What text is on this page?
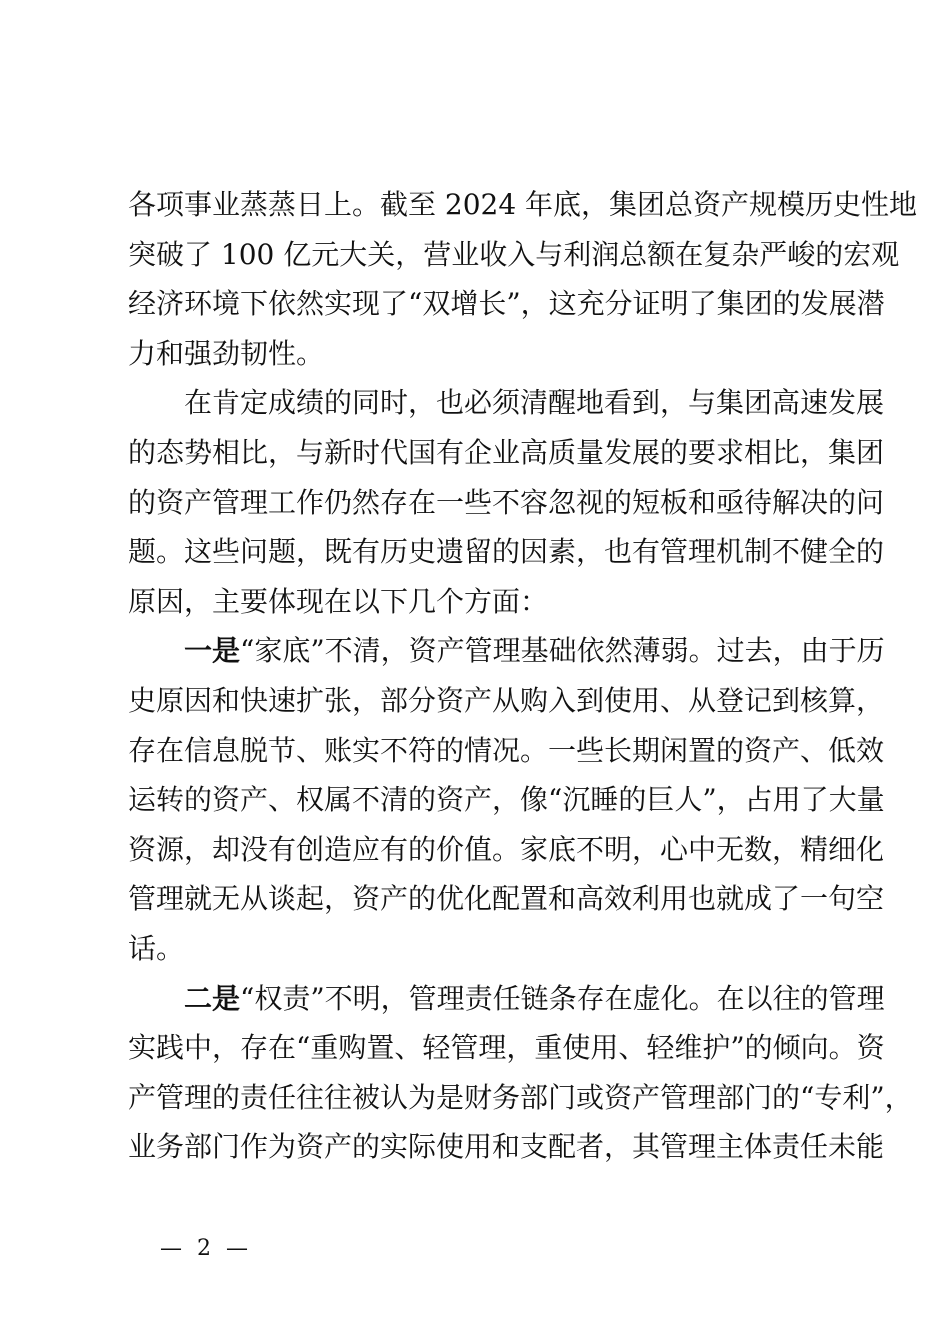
各项事业蒸蒸日上。截至 2024 年底，集团总资产规模历史性地
突破了 100 亿元大关，营业收入与利润总额在复杂严峻的宏观
经济环境下依然实现了“双增长”，这充分证明了集团的发展潜
力和强劲韧性。
在肯定成绩的同时，也必须清醒地看到，与集团高速发展
的态势相比，与新时代国有企业高质量发展的要求相比，集团
的资产管理工作仍然存在一些不容忽视的短板和亟待解决的问
题。这些问题，既有历史遗留的因素，也有管理机制不健全的
原因，主要体现在以下几个方面：
一是“家底”不清，资产管理基础依然薄弱。过去，由于历
史原因和快速扩张，部分资产从购入到使用、从登记到核算，
存在信息脱节、账实不符的情况。一些长期闲置的资产、低效
运转的资产、权属不清的资产，像“沉睡的巨人”，占用了大量
资源，却没有创造应有的价值。家底不明，心中无数，精细化
管理就无从谈起，资产的优化配置和高效利用也就成了一句空
话。
二是“权责”不明，管理责任链条存在虚化。在以往的管理
实践中，存在“重购置、轻管理，重使用、轻维护”的倾向。资
产管理的责任往往被认为是财务部门或资产管理部门的“专利”，
业务部门作为资产的实际使用和支配者，其管理主体责任未能
— 2 —
